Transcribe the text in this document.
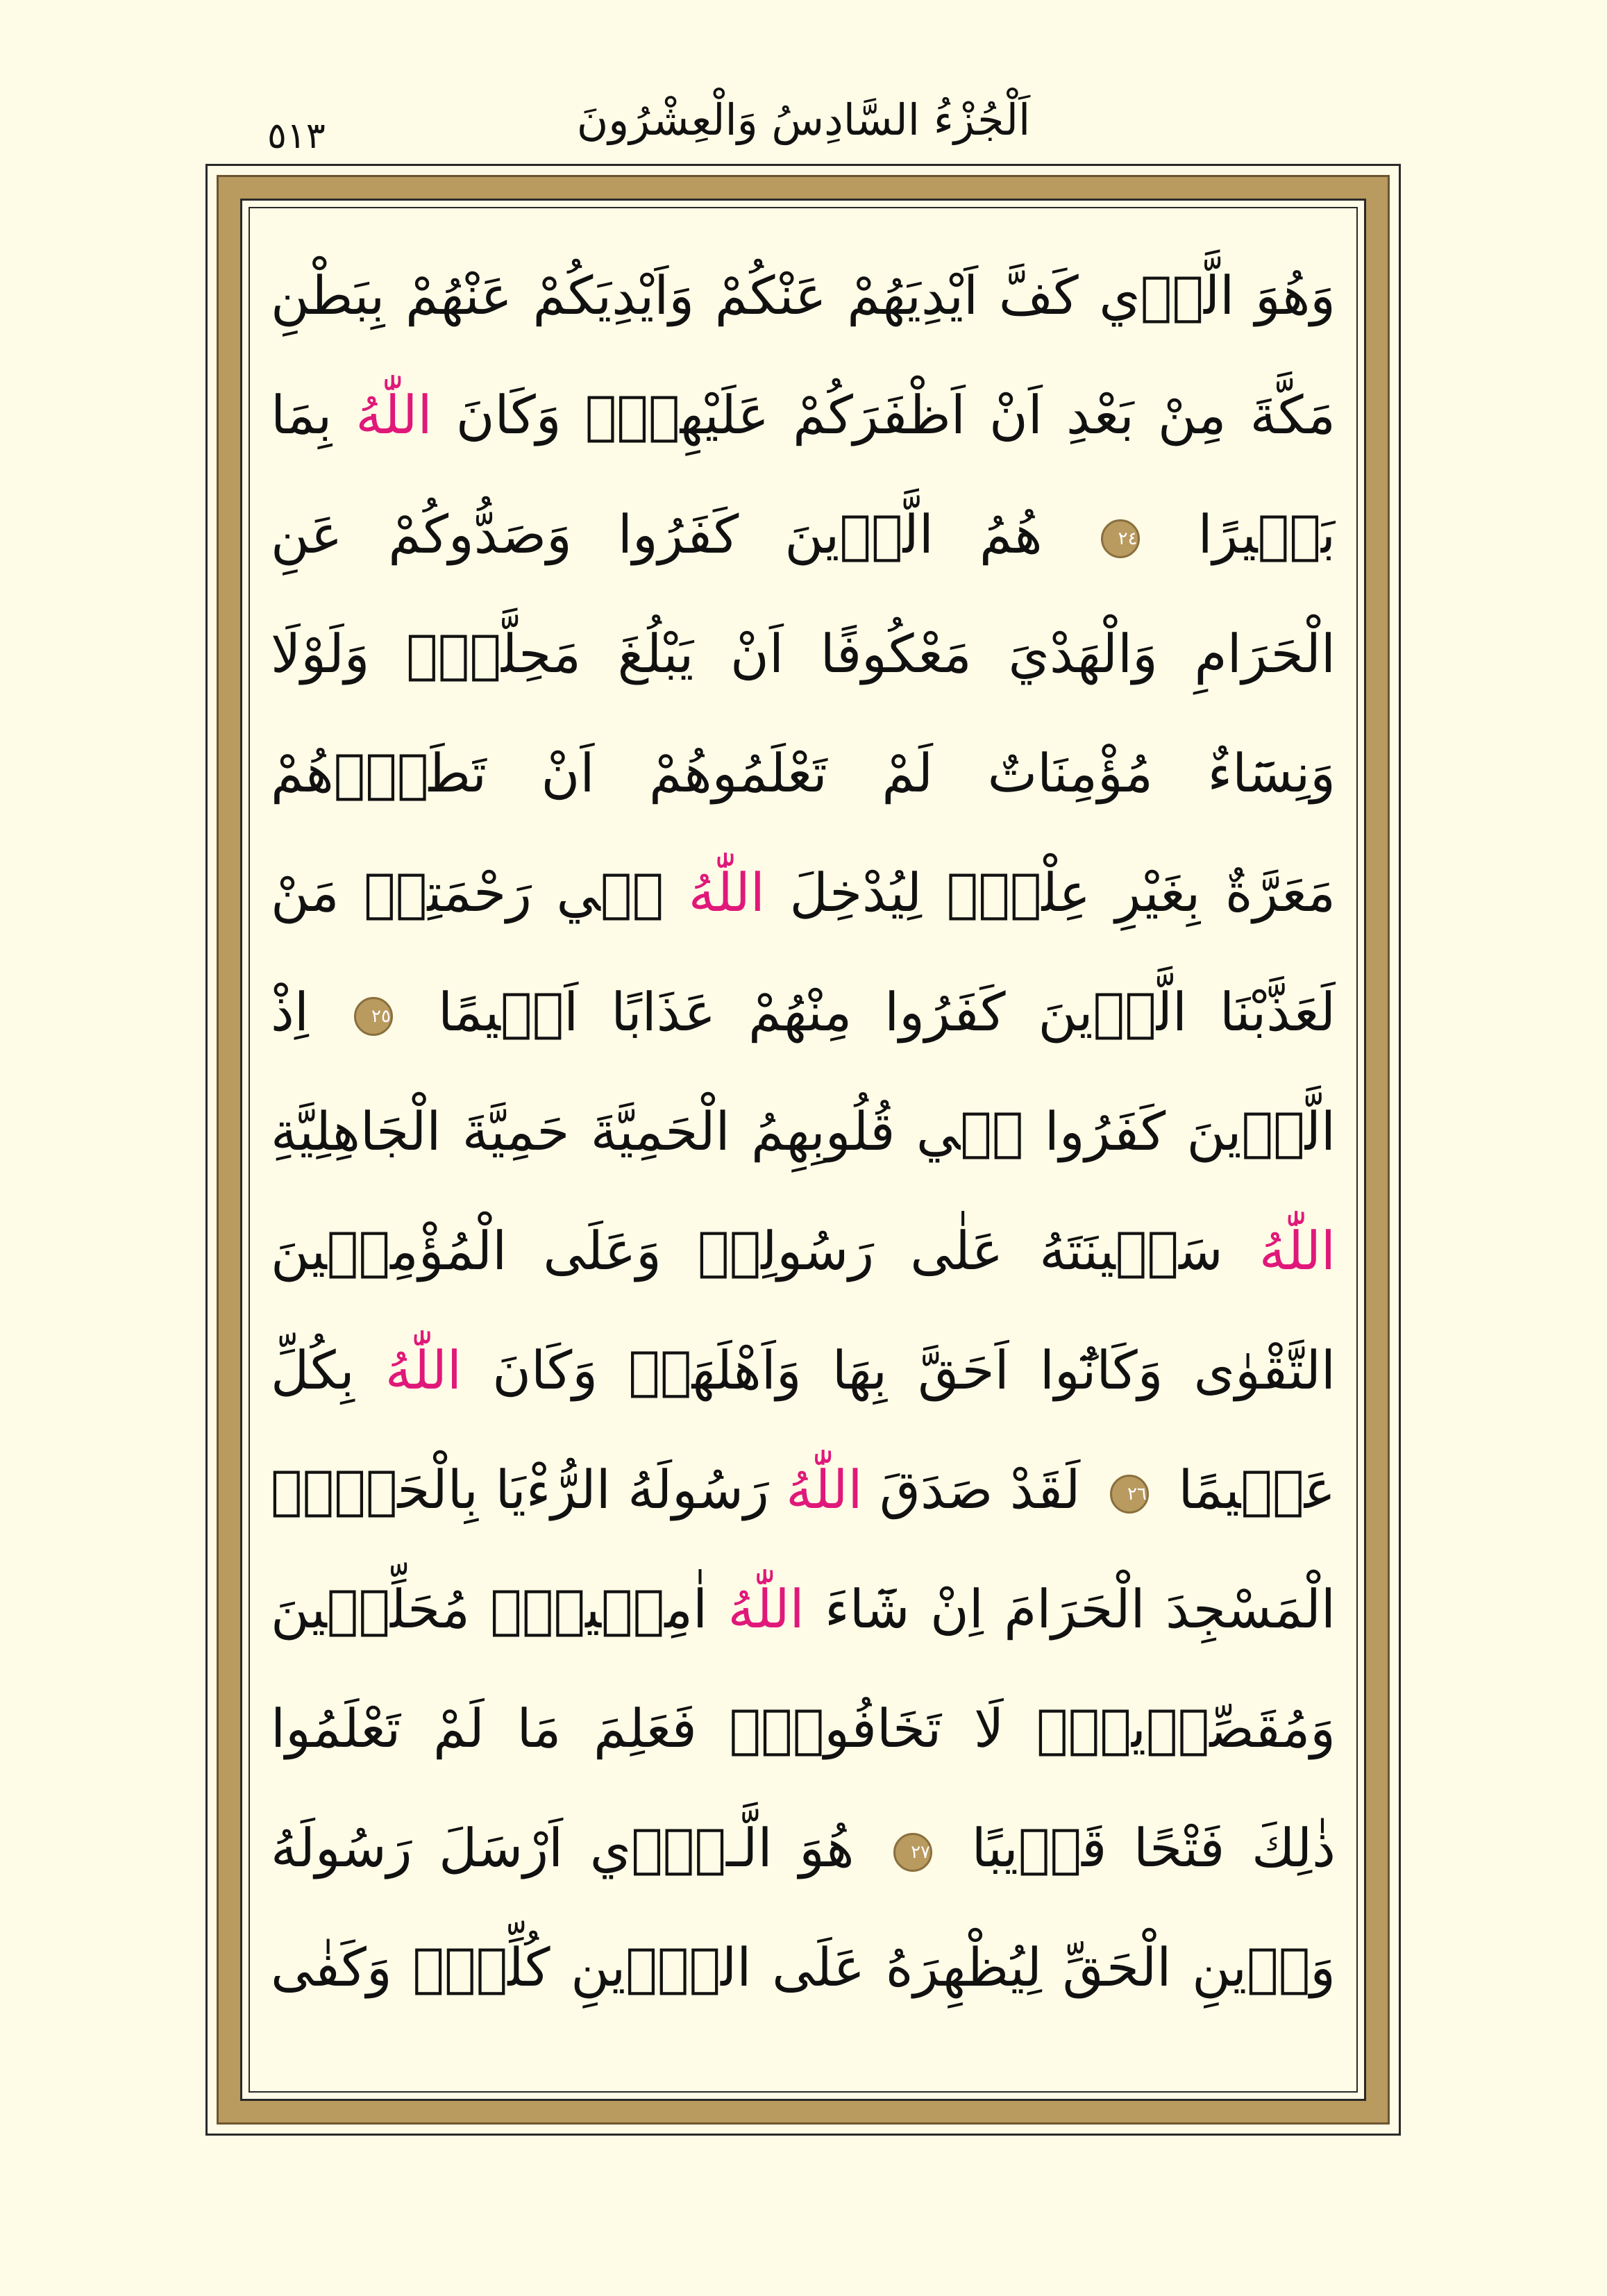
اَلْجُزْءُ السَّادِسُ وَالْعِشْرُونَ
٥١٣
وَهُوَ الَّذ۪ي كَفَّ اَيْدِيَهُمْ عَنْكُمْ وَاَيْدِيَكُمْ عَنْهُمْ بِبَطْنِ
مَكَّةَ مِنْ بَعْدِ اَنْ اَظْفَرَكُمْ عَلَيْهِمْۜ وَكَانَ اللّٰهُ بِمَا
بَص۪يرًا ٢٤ هُمُ الَّذ۪ينَ كَفَرُوا وَصَدُّوكُمْ عَنِ
الْحَرَامِ وَالْهَدْيَ مَعْكُوفًا اَنْ يَبْلُغَ مَحِلَّهُۜ وَلَوْلَا
وَنِسَٓاءٌ مُؤْمِنَاتٌ لَمْ تَعْلَمُوهُمْ اَنْ تَطَؤُ۫هُمْ
مَعَرَّةٌ بِغَيْرِ عِلْمٍۚ لِيُدْخِلَ اللّٰهُ ف۪ي رَحْمَتِه۪ مَنْ
لَعَذَّبْنَا الَّذ۪ينَ كَفَرُوا مِنْهُمْ عَذَابًا اَل۪يمًا ٢٥ اِذْ
الَّذ۪ينَ كَفَرُوا ف۪ي قُلُوبِهِمُ الْحَمِيَّةَ حَمِيَّةَ الْجَاهِلِيَّةِ
اللّٰهُ سَك۪ينَتَهُ عَلٰى رَسُولِه۪ وَعَلَى الْمُؤْمِن۪ينَ
التَّقْوٰى وَكَانُٓوا اَحَقَّ بِهَا وَاَهْلَهَاۜ وَكَانَ اللّٰهُ بِكُلِّ
عَل۪يمًا ٢٦ لَقَدْ صَدَقَ اللّٰهُ رَسُولَهُ الرُّءْيَا بِالْحَقِّۚ
الْمَسْجِدَ الْحَرَامَ اِنْ شَٓاءَ اللّٰهُ اٰمِن۪ينَۙ مُحَلِّق۪ينَ
وَمُقَصِّر۪ينَۙ لَا تَخَافُونَۜ فَعَلِمَ مَا لَمْ تَعْلَمُوا
ذٰلِكَ فَتْحًا قَر۪يبًا ٢٧ هُوَ الَّـذ۪ٓي اَرْسَلَ رَسُولَهُ
وَد۪ينِ الْحَقِّ لِيُظْهِرَهُ عَلَى الدّ۪ينِ كُلِّه۪ۜ وَكَفٰى
